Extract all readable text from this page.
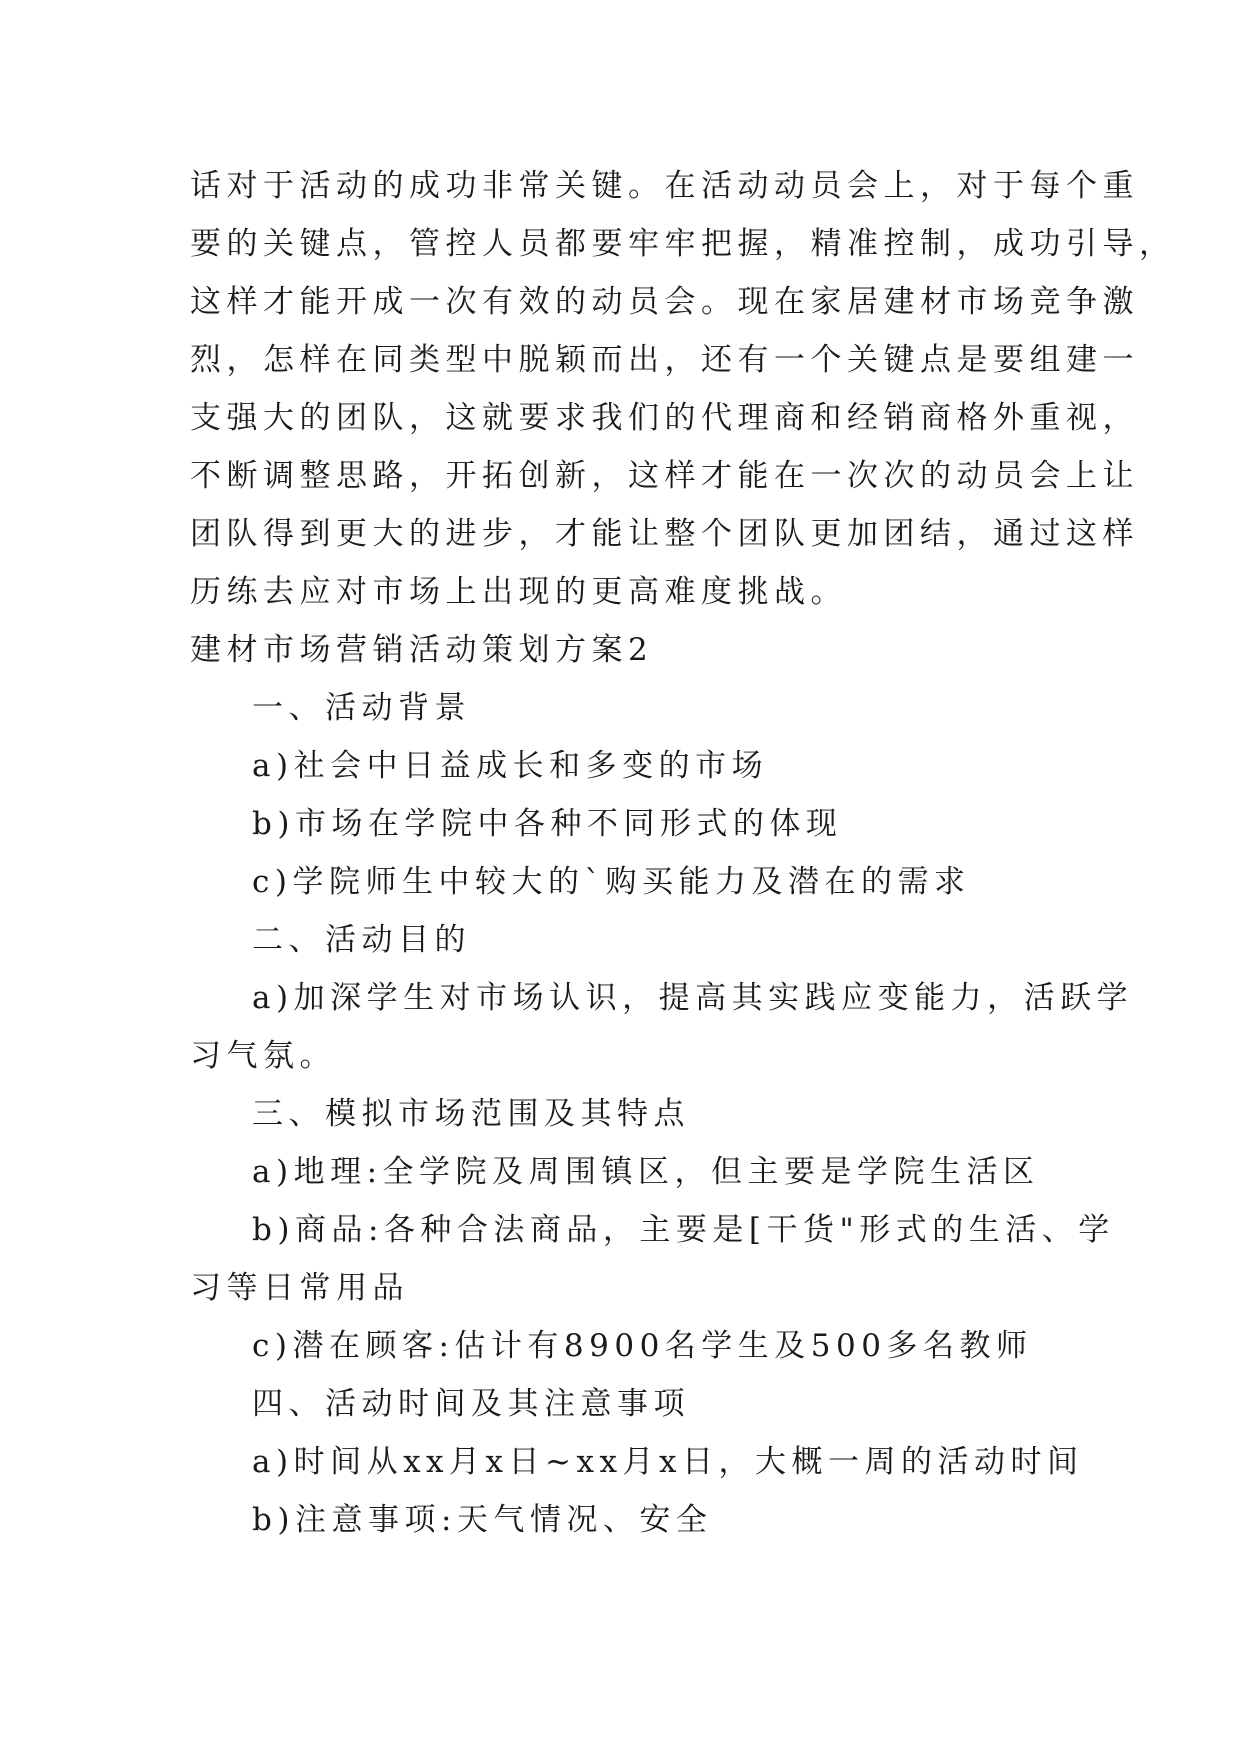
话对于活动的成功非常关键。在活动动员会上，对于每个重
要的关键点，管控人员都要牢牢把握，精准控制，成功引导，
这样才能开成一次有效的动员会。现在家居建材市场竞争激
烈，怎样在同类型中脱颖而出，还有一个关键点是要组建一
支强大的团队，这就要求我们的代理商和经销商格外重视，
不断调整思路，开拓创新，这样才能在一次次的动员会上让
团队得到更大的进步，才能让整个团队更加团结，通过这样
历练去应对市场上出现的更高难度挑战。
建材市场营销活动策划方案2
一、活动背景
a)社会中日益成长和多变的市场
b)市场在学院中各种不同形式的体现
c)学院师生中较大的`购买能力及潜在的需求
二、活动目的
a)加深学生对市场认识，提高其实践应变能力，活跃学
习气氛。
三、模拟市场范围及其特点
a)地理:全学院及周围镇区，但主要是学院生活区
b)商品:各种合法商品，主要是[干货"形式的生活、学
习等日常用品
c)潜在顾客:估计有8900名学生及500多名教师
四、活动时间及其注意事项
a)时间从xx月x日~xx月x日，大概一周的活动时间
b)注意事项:天气情况、安全
